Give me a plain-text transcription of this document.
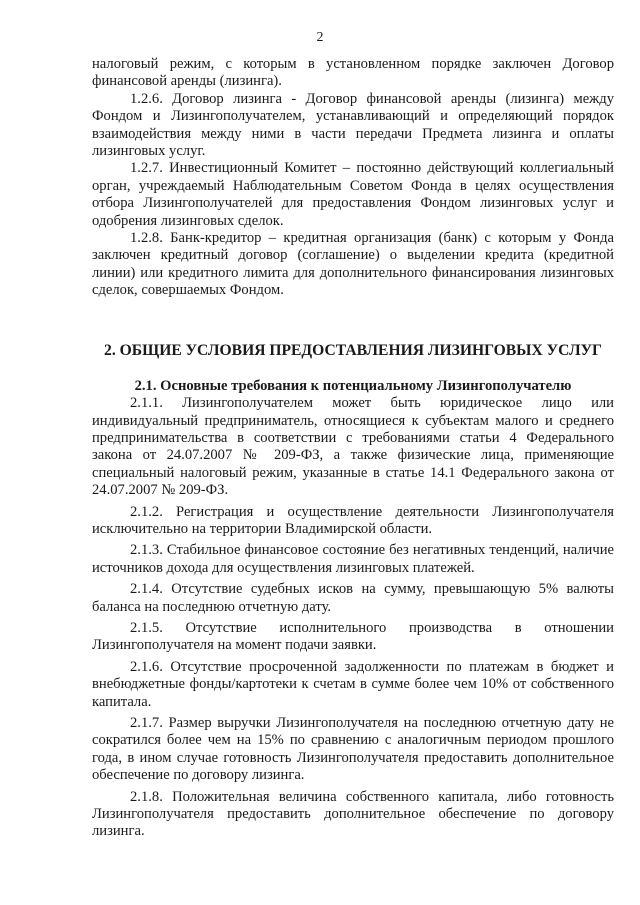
2

налоговый режим, с которым в установленном порядке заключен Договор финансовой аренды (лизинга).

1.2.6. Договор лизинга - Договор финансовой аренды (лизинга) между Фондом и Лизингополучателем, устанавливающий и определяющий порядок взаимодействия между ними в части передачи Предмета лизинга и оплаты лизинговых услуг.

1.2.7. Инвестиционный Комитет – постоянно действующий коллегиальный орган, учреждаемый Наблюдательным Советом Фонда в целях осуществления отбора Лизингополучателей для предоставления Фондом лизинговых услуг и одобрения лизинговых сделок.

1.2.8. Банк-кредитор – кредитная организация (банк) с которым у Фонда заключен кредитный договор (соглашение) о выделении кредита (кредитной линии) или кредитного лимита для дополнительного финансирования лизинговых сделок, совершаемых Фондом.

2. ОБЩИЕ УСЛОВИЯ ПРЕДОСТАВЛЕНИЯ ЛИЗИНГОВЫХ УСЛУГ

2.1. Основные требования к потенциальному Лизингополучателю

2.1.1. Лизингополучателем может быть юридическое лицо или индивидуальный предприниматель, относящиеся к субъектам малого и среднего предпринимательства в соответствии с требованиями статьи 4 Федерального закона от 24.07.2007 № 209-ФЗ, а также физические лица, применяющие специальный налоговый режим, указанные в статье 14.1 Федерального закона от 24.07.2007 № 209-ФЗ.

2.1.2. Регистрация и осуществление деятельности Лизингополучателя исключительно на территории Владимирской области.

2.1.3. Стабильное финансовое состояние без негативных тенденций, наличие источников дохода для осуществления лизинговых платежей.

2.1.4. Отсутствие судебных исков на сумму, превышающую 5% валюты баланса на последнюю отчетную дату.

2.1.5. Отсутствие исполнительного производства в отношении Лизингополучателя на момент подачи заявки.

2.1.6. Отсутствие просроченной задолженности по платежам в бюджет и внебюджетные фонды/картотеки к счетам в сумме более чем 10% от собственного капитала.

2.1.7. Размер выручки Лизингополучателя на последнюю отчетную дату не сократился более чем на 15% по сравнению с аналогичным периодом прошлого года, в ином случае готовность Лизингополучателя предоставить дополнительное обеспечение по договору лизинга.

2.1.8. Положительная величина собственного капитала, либо готовность Лизингополучателя предоставить дополнительное обеспечение по договору лизинга.
